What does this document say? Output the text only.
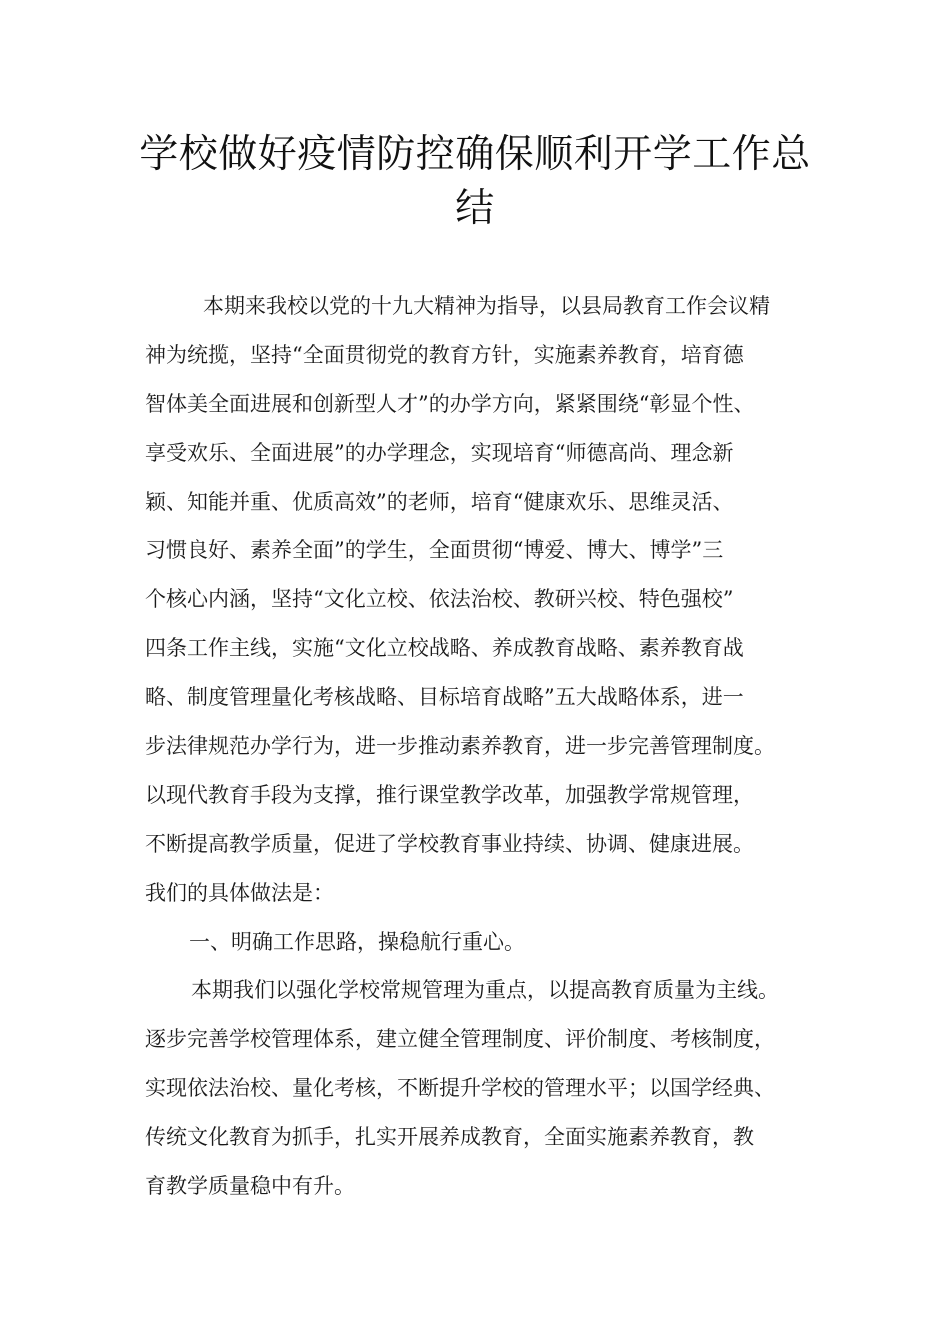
学校做好疫情防控确保顺利开学工作总
结
本期来我校以党的十九大精神为指导，以县局教育工作会议精
神为统揽，坚持“全面贯彻党的教育方针，实施素养教育，培育德
智体美全面进展和创新型人才”的办学方向，紧紧围绕“彰显个性、
享受欢乐、全面进展”的办学理念，实现培育“师德高尚、理念新
颖、知能并重、优质高效”的老师，培育“健康欢乐、思维灵活、
习惯良好、素养全面”的学生，全面贯彻“博爱、博大、博学”三
个核心内涵，坚持“文化立校、依法治校、教研兴校、特色强校”
四条工作主线，实施“文化立校战略、养成教育战略、素养教育战
略、制度管理量化考核战略、目标培育战略”五大战略体系，进一
步法律规范办学行为，进一步推动素养教育，进一步完善管理制度。
以现代教育手段为支撑，推行课堂教学改革，加强教学常规管理，
不断提高教学质量，促进了学校教育事业持续、协调、健康进展。
我们的具体做法是：
一、明确工作思路，操稳航行重心。
本期我们以强化学校常规管理为重点，以提高教育质量为主线。
逐步完善学校管理体系，建立健全管理制度、评价制度、考核制度，
实现依法治校、量化考核，不断提升学校的管理水平；以国学经典、
传统文化教育为抓手，扎实开展养成教育，全面实施素养教育，教
育教学质量稳中有升。
